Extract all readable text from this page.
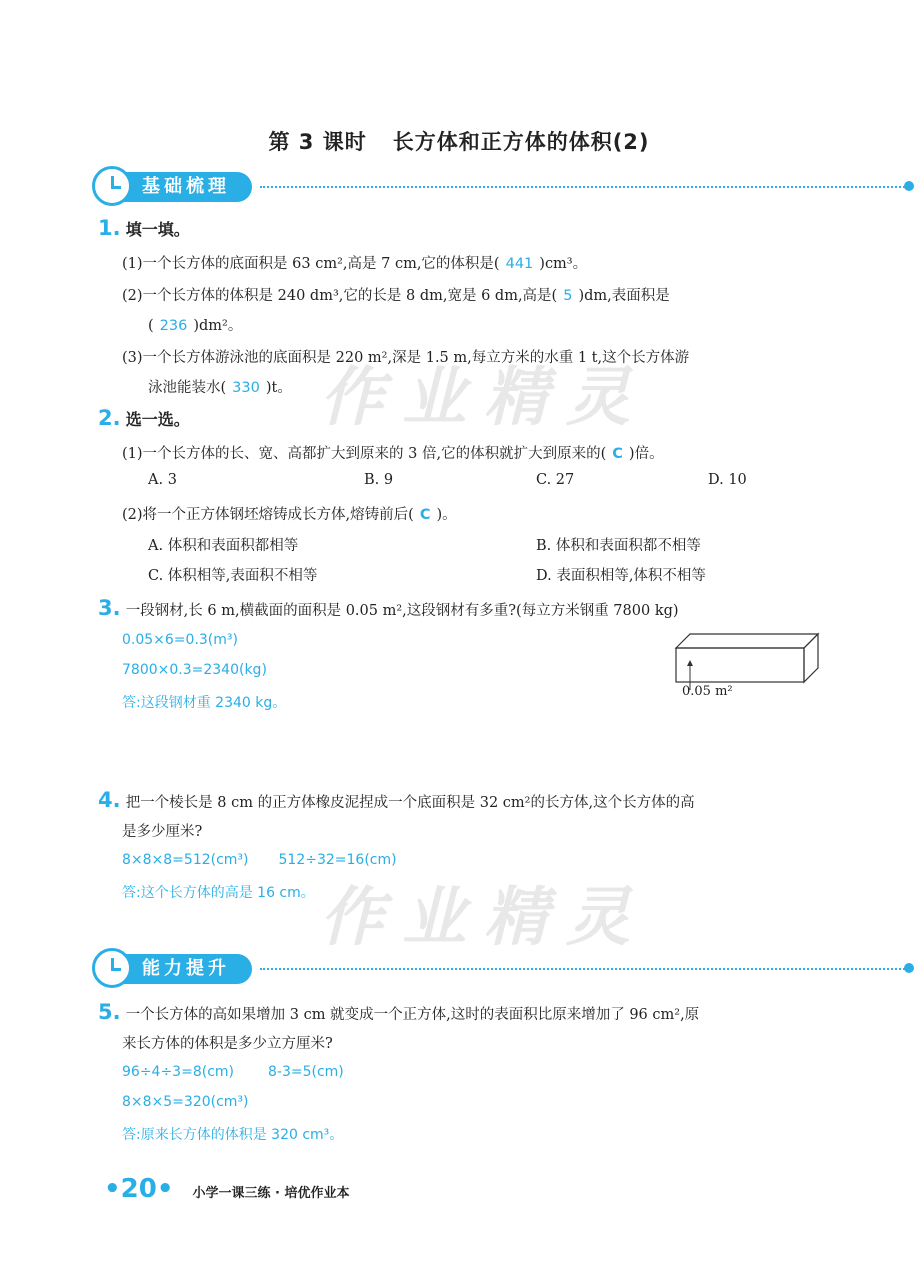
作业精灵
作业精灵
第 3 课时 长方体和正方体的体积(2)
基础梳理
1. 填一填。
(1)一个长方体的底面积是 63 cm²,高是 7 cm,它的体积是( 441 )cm³。
(2)一个长方体的体积是 240 dm³,它的长是 8 dm,宽是 6 dm,高是( 5 )dm,表面积是
( 236 )dm²。
(3)一个长方体游泳池的底面积是 220 m²,深是 1.5 m,每立方米的水重 1 t,这个长方体游
泳池能装水( 330 )t。
2. 选一选。
(1)一个长方体的长、宽、高都扩大到原来的 3 倍,它的体积就扩大到原来的( C )倍。
A. 3	B. 9	C. 27	D. 10
(2)将一个正方体钢坯熔铸成长方体,熔铸前后( C )。
A. 体积和表面积都相等	B. 体积和表面积都不相等
C. 体积相等,表面积不相等	D. 表面积相等,体积不相等
3. 一段钢材,长 6 m,横截面的面积是 0.05 m²,这段钢材有多重?(每立方米钢重 7800 kg)
0.05×6=0.3(m³)
7800×0.3=2340(kg)
答:这段钢材重 2340 kg。
0.05 m²
4. 把一个棱长是 8 cm 的正方体橡皮泥捏成一个底面积是 32 cm²的长方体,这个长方体的高
是多少厘米?
8×8×8=512(cm³) 512÷32=16(cm)
答:这个长方体的高是 16 cm。
能力提升
5. 一个长方体的高如果增加 3 cm 就变成一个正方体,这时的表面积比原来增加了 96 cm²,原
来长方体的体积是多少立方厘米?
96÷4÷3=8(cm) 8-3=5(cm)
8×8×5=320(cm³)
答:原来长方体的体积是 320 cm³。
•20• 小学一课三练 · 培优作业本
